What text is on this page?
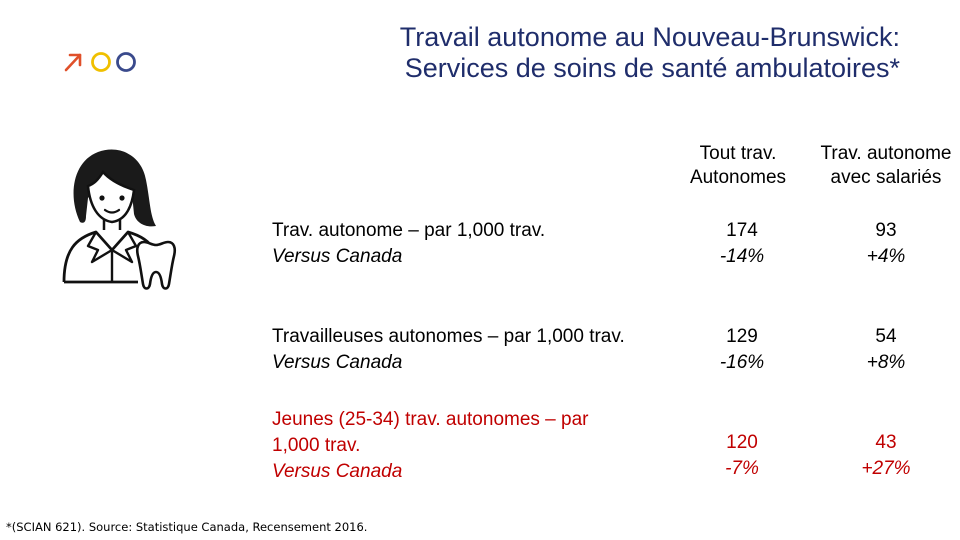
Travail autonome au Nouveau-Brunswick:
Services de soins de santé ambulatoires*
Tout trav.
Autonomes
Trav. autonome
avec salariés
Trav. autonome – par 1,000 trav.
Versus Canada
174
-14%
93
+4%
Travailleuses autonomes – par 1,000 trav.
Versus Canada
129
-16%
54
+8%
Jeunes (25-34) trav. autonomes – par
1,000 trav.
Versus Canada
120
-7%
43
+27%
*(SCIAN 621). Source: Statistique Canada, Recensement 2016.
